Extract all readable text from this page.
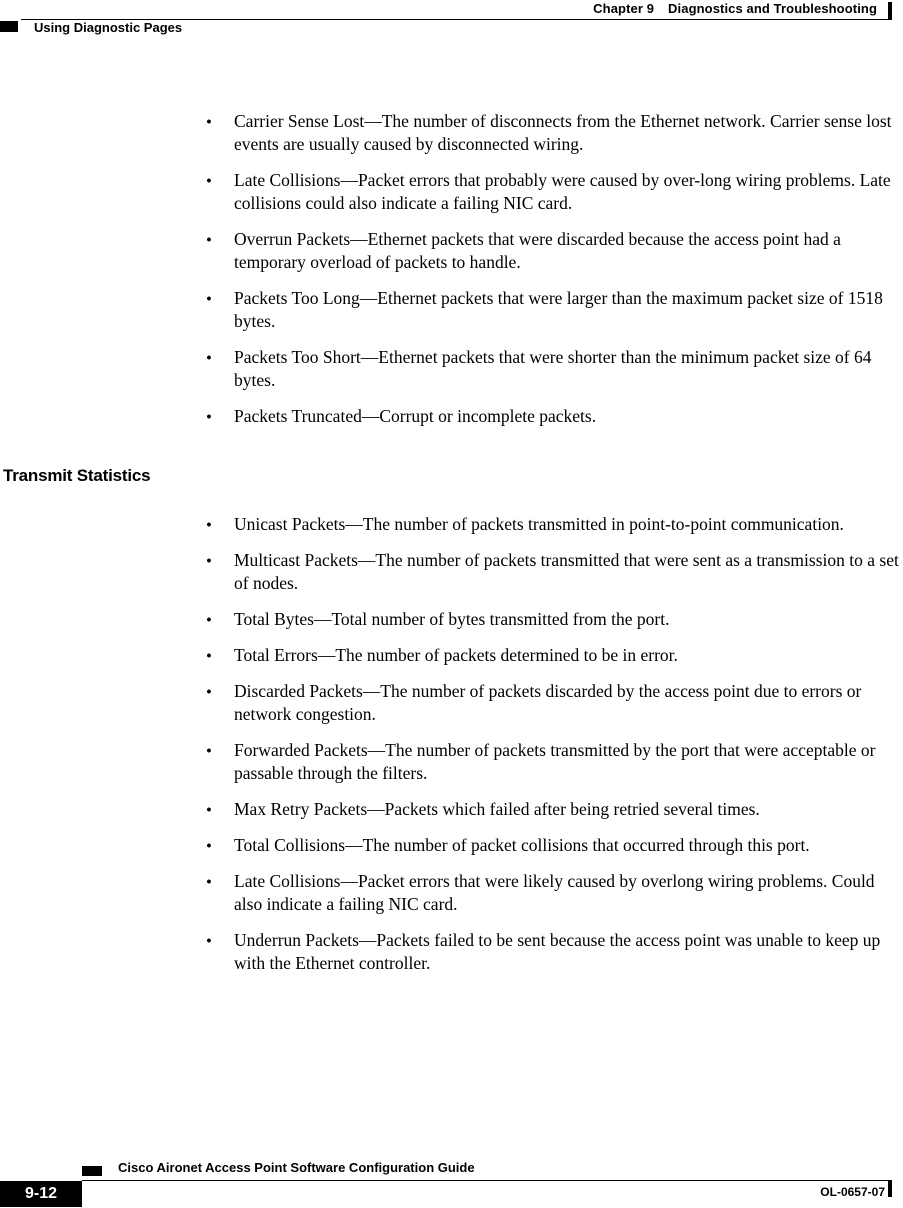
Chapter 9 Diagnostics and Troubleshooting
Using Diagnostic Pages
• Carrier Sense Lost—The number of disconnects from the Ethernet network. Carrier sense lost events are usually caused by disconnected wiring.
• Late Collisions—Packet errors that probably were caused by over-long wiring problems. Late collisions could also indicate a failing NIC card.
• Overrun Packets—Ethernet packets that were discarded because the access point had a temporary overload of packets to handle.
• Packets Too Long—Ethernet packets that were larger than the maximum packet size of 1518 bytes.
• Packets Too Short—Ethernet packets that were shorter than the minimum packet size of 64 bytes.
• Packets Truncated—Corrupt or incomplete packets.
Transmit Statistics
• Unicast Packets—The number of packets transmitted in point-to-point communication.
• Multicast Packets—The number of packets transmitted that were sent as a transmission to a set of nodes.
• Total Bytes—Total number of bytes transmitted from the port.
• Total Errors—The number of packets determined to be in error.
• Discarded Packets—The number of packets discarded by the access point due to errors or network congestion.
• Forwarded Packets—The number of packets transmitted by the port that were acceptable or passable through the filters.
• Max Retry Packets—Packets which failed after being retried several times.
• Total Collisions—The number of packet collisions that occurred through this port.
• Late Collisions—Packet errors that were likely caused by overlong wiring problems. Could also indicate a failing NIC card.
• Underrun Packets—Packets failed to be sent because the access point was unable to keep up with the Ethernet controller.
Cisco Aironet Access Point Software Configuration Guide
9-12	OL-0657-07
